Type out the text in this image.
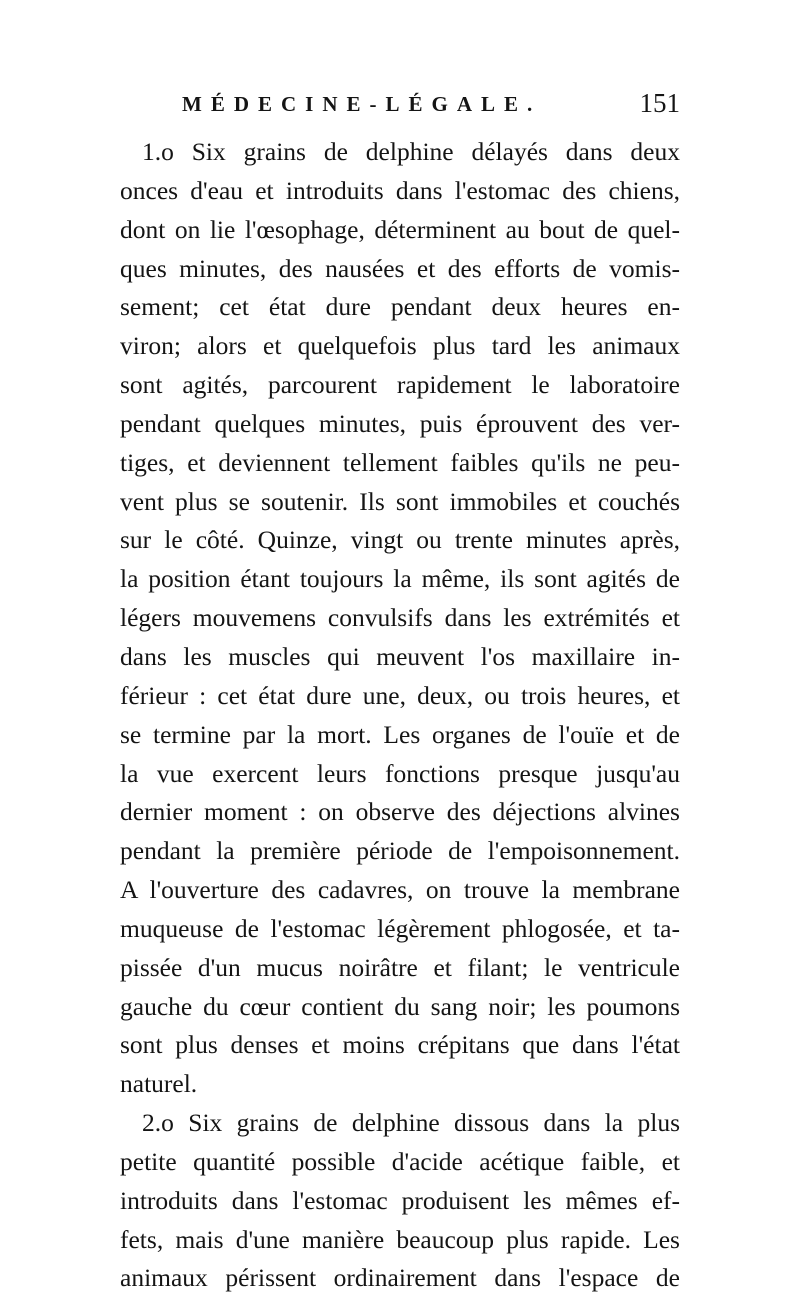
MÉDECINE-LÉGALE.	151
1.o Six grains de delphine délayés dans deux
onces d'eau et introduits dans l'estomac des chiens,
dont on lie l'œsophage, déterminent au bout de quel-
ques minutes, des nausées et des efforts de vomis-
sement; cet état dure pendant deux heures en-
viron; alors et quelquefois plus tard les animaux
sont agités, parcourent rapidement le laboratoire
pendant quelques minutes, puis éprouvent des ver-
tiges, et deviennent tellement faibles qu'ils ne peu-
vent plus se soutenir. Ils sont immobiles et couchés
sur le côté. Quinze, vingt ou trente minutes après,
la position étant toujours la même, ils sont agités de
légers mouvemens convulsifs dans les extrémités et
dans les muscles qui meuvent l'os maxillaire in-
férieur : cet état dure une, deux, ou trois heures, et
se termine par la mort. Les organes de l'ouïe et de
la vue exercent leurs fonctions presque jusqu'au
dernier moment : on observe des déjections alvines
pendant la première période de l'empoisonnement.
A l'ouverture des cadavres, on trouve la membrane
muqueuse de l'estomac légèrement phlogosée, et ta-
pissée d'un mucus noirâtre et filant; le ventricule
gauche du cœur contient du sang noir; les poumons
sont plus denses et moins crépitans que dans l'état
naturel.
2.o Six grains de delphine dissous dans la plus
petite quantité possible d'acide acétique faible, et
introduits dans l'estomac produisent les mêmes ef-
fets, mais d'une manière beaucoup plus rapide. Les
animaux périssent ordinairement dans l'espace de
